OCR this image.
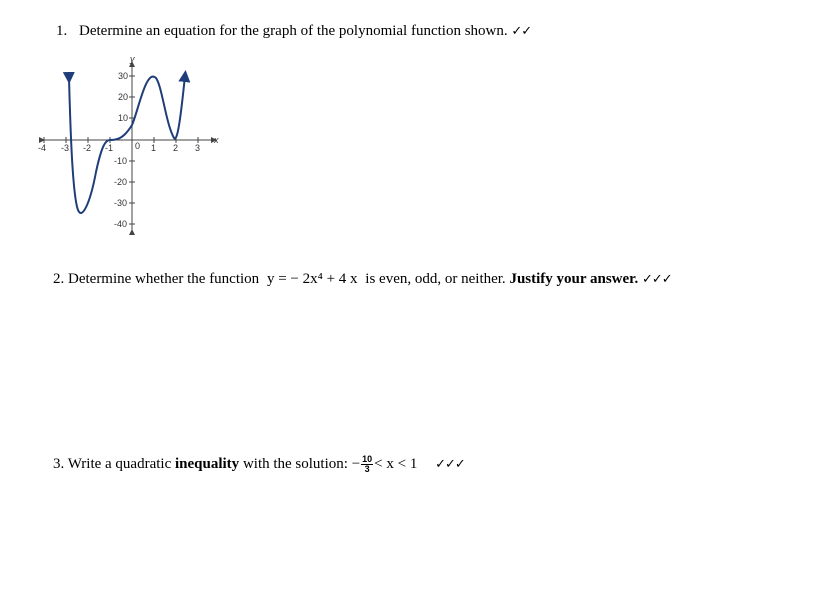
1. Determine an equation for the graph of the polynomial function shown. ✓✓
y
x
-4 -3 -2 -1 0 1 2 3
30
20
10
-10
-20
-30
-40
2. Determine whether the function y = − 2x⁴ + 4 x is even, odd, or neither. Justify your answer. ✓✓✓
3. Write a quadratic inequality with the solution: − $\frac{10}{3} < x < 1$ ✓✓✓
